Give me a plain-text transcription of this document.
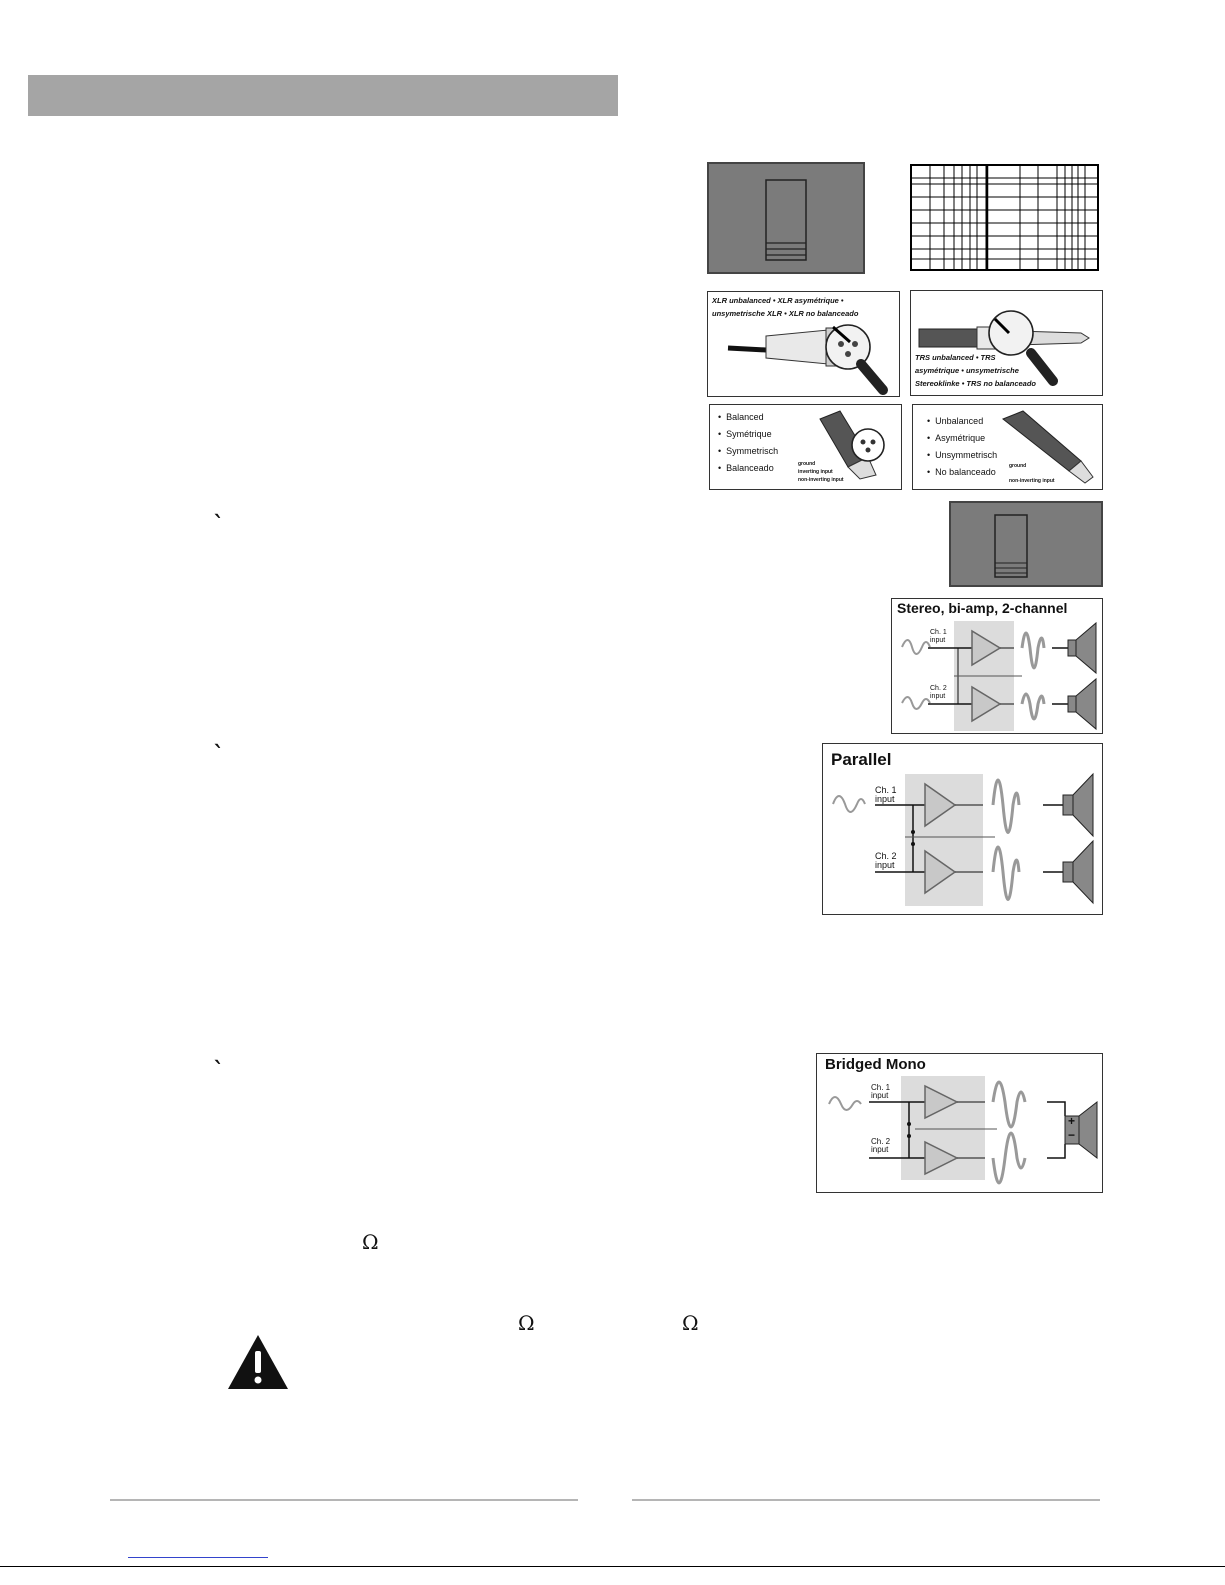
XLR unbalanced • XLR asymétrique • unsymetrische XLR • XLR no balanceado
TRS unbalanced • TRS
asymétrique • unsymetrische
Stereoklinke • TRS no balanceado
•  Balanced
•  Symétrique
•  Symmetrisch
•  Balanceado	ground
inverting input
non-inverting input
•  Unbalanced
•  Asymétrique
•  Unsymmetrisch
•  No balanceado
ground
non-inverting input
Stereo, bi-amp, 2-channel
Ch. 1
input
Ch. 2
input
Parallel
Ch. 1
input
Ch. 2
input
Bridged Mono
+
−
Ch. 1
input
Ch. 2
input
ˋ
ˋ
ˋ
Ω
Ω	Ω
